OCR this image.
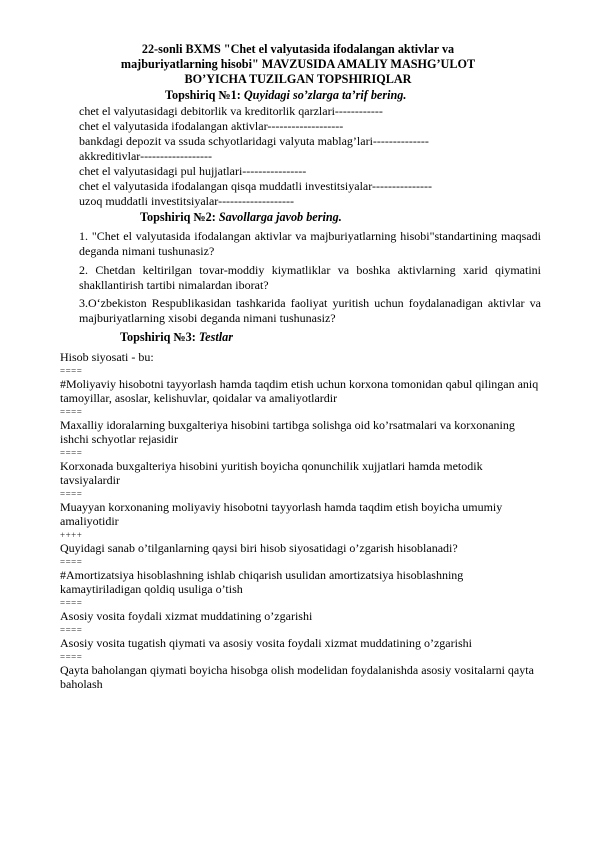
22-sonli BXMS "Chet el valyutasida ifodalangan aktivlar va

majburiyatlarning hisobi" MAVZUSIDA AMALIY MASHG’ULOT

BO’YICHA TUZILGAN TOPSHIRIQLAR

Topshiriq №1: Quyidagi so’zlarga ta’rif bering.

chet el valyutasidagi debitorlik va kreditorlik qarzlari------------

chet el valyutasida ifodalangan aktivlar-------------------

bankdagi depozit va ssuda schyotlaridagi valyuta mablag’lari--------------

akkreditivlar------------------

chet el valyutasidagi pul hujjatlari----------------

chet el valyutasida ifodalangan qisqa muddatli investitsiyalar---------------

uzoq muddatli investitsiyalar-------------------

Topshiriq №2: Savollarga javob bering.

1. "Chet el valyutasida ifodalangan aktivlar va majburiyatlarning hisobi"standartining maqsadi deganda nimani tushunasiz?

2. Chetdan keltirilgan tovar-moddiy kiymatliklar va boshka aktivlarning xarid qiymatini shakllantirish tartibi nimalardan iborat?

3.O‘zbekiston Respublikasidan tashkarida faoliyat yuritish uchun foydalanadigan aktivlar va majburiyatlarning xisobi deganda nimani tushunasiz?

Topshiriq №3: Testlar

Hisob siyosati - bu:

====

#Moliyaviy hisobotni tayyorlash hamda taqdim etish uchun korxona tomonidan qabul qilingan aniq tamoyillar, asoslar, kelishuvlar, qoidalar va amaliyotlardir

====

Maxalliy idoralarning buxgalteriya hisobini tartibga solishga oid ko’rsatmalari va korxonaning ishchi schyotlar rejasidir

====

Korxonada buxgalteriya hisobini yuritish boyicha qonunchilik xujjatlari hamda metodik tavsiyalardir

====

Muayyan korxonaning moliyaviy hisobotni tayyorlash hamda taqdim etish boyicha umumiy amaliyotidir

++++

Quyidagi sanab o’tilganlarning qaysi biri hisob siyosatidagi o’zgarish hisoblanadi?

====

#Amortizatsiya hisoblashning ishlab chiqarish usulidan amortizatsiya hisoblashning kamaytiriladigan qoldiq usuliga o’tish

====

Asosiy vosita foydali xizmat muddatining o’zgarishi

====

Asosiy vosita tugatish qiymati va asosiy vosita foydali xizmat muddatining o’zgarishi

====

Qayta baholangan qiymati boyicha hisobga olish modelidan foydalanishda asosiy vositalarni qayta baholash
